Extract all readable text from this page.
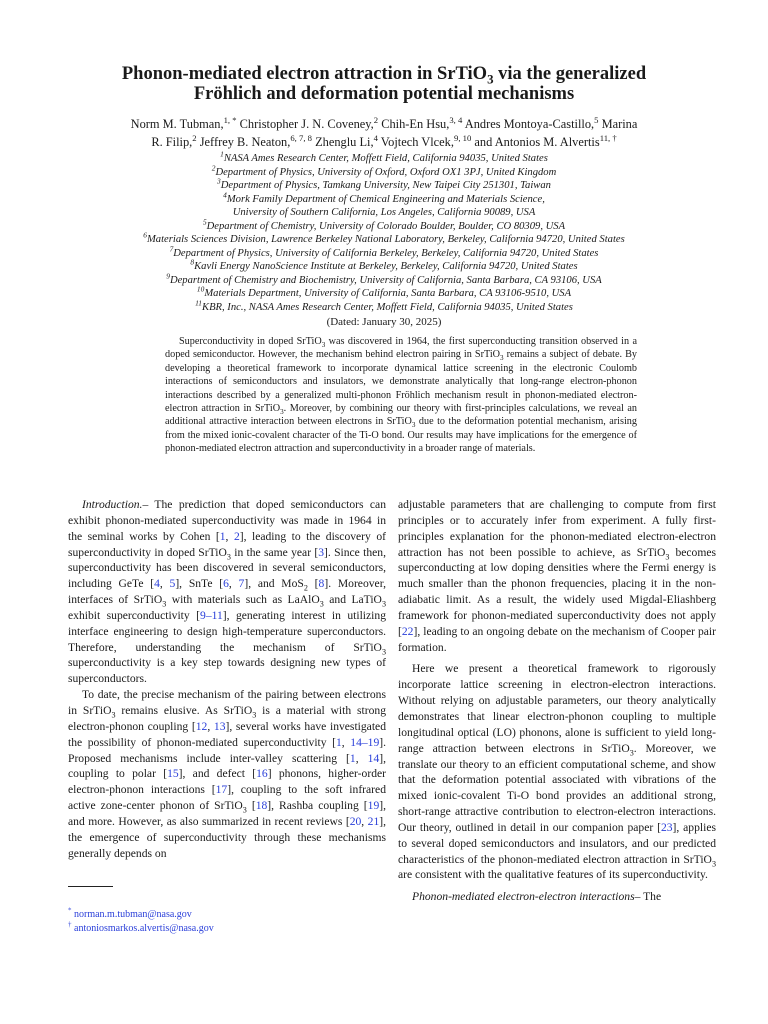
Phonon-mediated electron attraction in SrTiO$_3$ via the generalized
Fröhlich and deformation potential mechanisms
Norm M. Tubman,$^{1, *}$ Christopher J. N. Coveney,$^2$ Chih-En Hsu,$^{3, 4}$ Andres Montoya-Castillo,$^5$ Marina
R. Filip,$^2$ Jeffrey B. Neaton,$^{6, 7, 8}$ Zhenglu Li,$^4$ Vojtech Vlcek,$^{9, 10}$ and Antonios M. Alvertis$^{11, \dagger}$
$^1$NASA Ames Research Center, Moffett Field, California 94035, United States
$^2$Department of Physics, University of Oxford, Oxford OX1 3PJ, United Kingdom
$^3$Department of Physics, Tamkang University, New Taipei City 251301, Taiwan
$^4$Mork Family Department of Chemical Engineering and Materials Science,
University of Southern California, Los Angeles, California 90089, USA
$^5$Department of Chemistry, University of Colorado Boulder, Boulder, CO 80309, USA
$^6$Materials Sciences Division, Lawrence Berkeley National Laboratory, Berkeley, California 94720, United States
$^7$Department of Physics, University of California Berkeley, Berkeley, California 94720, United States
$^8$Kavli Energy NanoScience Institute at Berkeley, Berkeley, California 94720, United States
$^9$Department of Chemistry and Biochemistry, University of California, Santa Barbara, CA 93106, USA
$^{10}$Materials Department, University of California, Santa Barbara, CA 93106-9510, USA
$^{11}$KBR, Inc., NASA Ames Research Center, Moffett Field, California 94035, United States
(Dated: January 30, 2025)

Superconductivity in doped SrTiO$_3$ was discovered in 1964, the first superconducting transition observed in a doped semiconductor. However, the mechanism behind electron pairing in SrTiO$_3$ remains a subject of debate. By developing a theoretical framework to incorporate dynamical lattice screening in the electronic Coulomb interactions of semiconductors and insulators, we demonstrate analytically that long-range electron-phonon interactions described by a generalized multi-phonon Fröhlich mechanism result in phonon-mediated electron-electron attraction in SrTiO$_3$. Moreover, by combining our theory with first-principles calculations, we reveal an additional attractive interaction between electrons in SrTiO$_3$ due to the deformation potential mechanism, arising from the mixed ionic-covalent character of the Ti-O bond. Our results may have implications for the emergence of phonon-mediated electron attraction and superconductivity in a broader range of materials.

Introduction.– The prediction that doped semiconductors can exhibit phonon-mediated superconductivity was made in 1964 in the seminal works by Cohen [1, 2], leading to the discovery of superconductivity in doped SrTiO$_3$ in the same year [3]. Since then, superconductivity has been discovered in several semiconductors, including GeTe [4, 5], SnTe [6, 7], and MoS$_2$ [8]. Moreover, interfaces of SrTiO$_3$ with materials such as LaAlO$_3$ and LaTiO$_3$ exhibit superconductivity [9–11], generating interest in utilizing interface engineering to design high-temperature superconductors. Therefore, understanding the mechanism of SrTiO$_3$ superconductivity is a key step towards designing new types of superconductors.

To date, the precise mechanism of the pairing between electrons in SrTiO$_3$ remains elusive. As SrTiO$_3$ is a material with strong electron-phonon coupling [12, 13], several works have investigated the possibility of phonon-mediated superconductivity [1, 14–19]. Proposed mechanisms include inter-valley scattering [1, 14], coupling to polar [15], and defect [16] phonons, higher-order electron-phonon interactions [17], coupling to the soft infrared active zone-center phonon of SrTiO$_3$ [18], Rashba coupling [19], and more. However, as also summarized in recent reviews [20, 21], the emergence of superconductivity through these mechanisms generally depends on

adjustable parameters that are challenging to compute from first principles or to accurately infer from experiment. A fully first-principles explanation for the phonon-mediated electron-electron attraction has not been possible to achieve, as SrTiO$_3$ becomes superconducting at low doping densities where the Fermi energy is much smaller than the phonon frequencies, placing it in the non-adiabatic limit. As a result, the widely used Migdal-Eliashberg framework for phonon-mediated superconductivity does not apply [22], leading to an ongoing debate on the mechanism of Cooper pair formation.

Here we present a theoretical framework to rigorously incorporate lattice screening in electron-electron interactions. Without relying on adjustable parameters, our theory analytically demonstrates that linear electron-phonon coupling to multiple longitudinal optical (LO) phonons, alone is sufficient to yield long-range attraction between electrons in SrTiO$_3$. Moreover, we translate our theory to an efficient computational scheme, and show that the deformation potential associated with vibrations of the mixed ionic-covalent Ti-O bond provides an additional strong, short-range attractive contribution to electron-electron interactions. Our theory, outlined in detail in our companion paper [23], applies to several doped semiconductors and insulators, and our predicted characteristics of the phonon-mediated electron attraction in SrTiO$_3$ are consistent with the qualitative features of its superconductivity.

Phonon-mediated electron-electron interactions– The

* norman.m.tubman@nasa.gov
† antoniosmarkos.alvertis@nasa.gov
